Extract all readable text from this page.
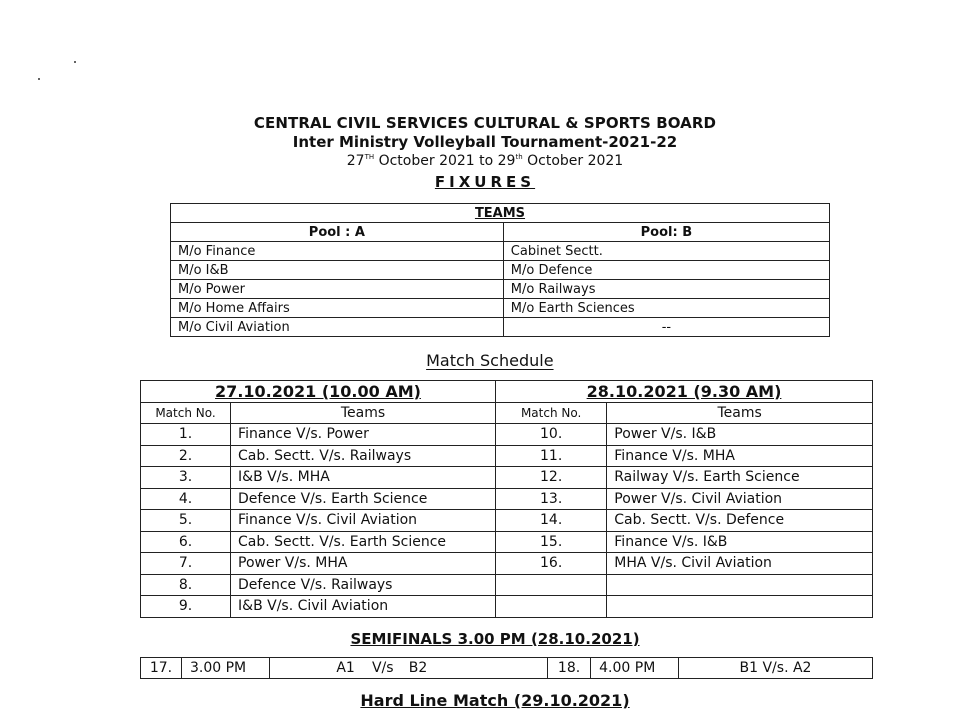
CENTRAL CIVIL SERVICES CULTURAL & SPORTS BOARD
Inter Ministry Volleyball Tournament-2021-22
27TH October 2021 to 29th October 2021
FIXURES
TEAMS	
Pool : A	Pool: B
M/o Finance	Cabinet Sectt.
M/o I&B	M/o Defence
M/o Power	M/o Railways
M/o Home Affairs	M/o Earth Sciences
M/o Civil Aviation	--
Match Schedule
27.10.2021 (10.00 AM)		28.10.2021 (9.30 AM)	
Match No.	Teams	Match No.	Teams
1.	Finance V/s. Power	10.	Power V/s. I&B
2.	Cab. Sectt. V/s. Railways	11.	Finance V/s. MHA
3.	I&B V/s. MHA	12.	Railway V/s. Earth Science
4.	Defence V/s. Earth Science	13.	Power V/s. Civil Aviation
5.	Finance V/s. Civil Aviation	14.	Cab. Sectt. V/s. Defence
6.	Cab. Sectt. V/s. Earth Science	15.	Finance V/s. I&B
7.	Power V/s. MHA	16.	MHA V/s. Civil Aviation
8.	Defence V/s. Railways		
9.	I&B V/s. Civil Aviation		
SEMIFINALS 3.00 PM (28.10.2021)
17.	3.00 PM	A1	V/s	B2	18.	4.00 PM	B1 V/s. A2
Hard Line Match (29.10.2021)
